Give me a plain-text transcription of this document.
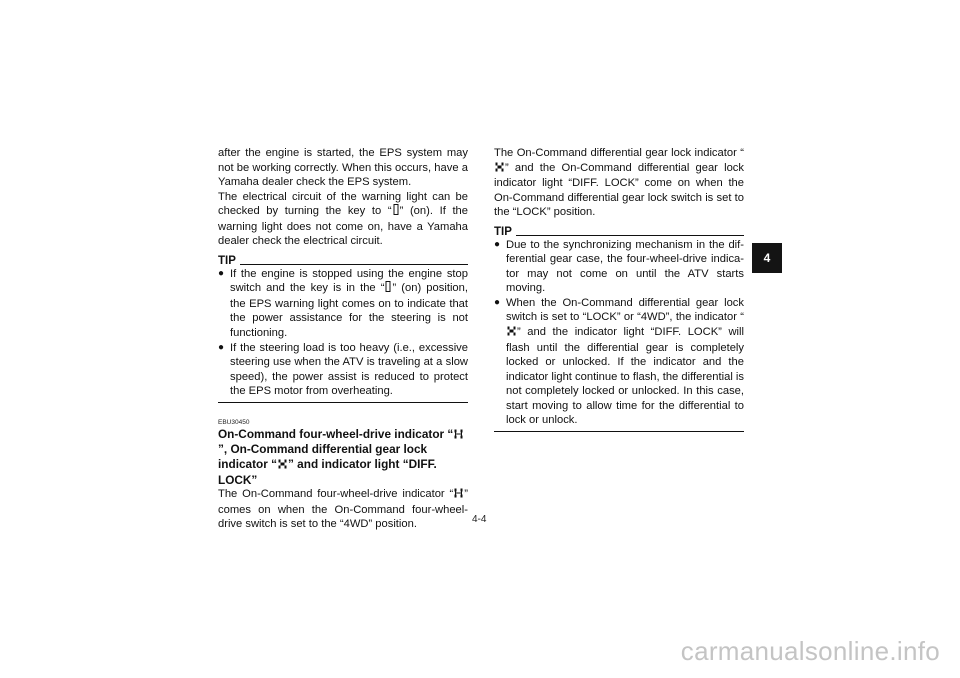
after the engine is started, the EPS system may not be working correctly. When this occurs, have a Yamaha dealer check the EPS system.

The electrical circuit of the warning light can be checked by turning the key to “ ” (on). If the warning light does not come on, have a Yamaha dealer check the electrical circuit.

TIP
● If the engine is stopped using the engine stop switch and the key is in the “ ” (on) position, the EPS warning light comes on to indicate that the power assistance for the steering is not functioning.
● If the steering load is too heavy (i.e., excessive steering use when the ATV is traveling at a slow speed), the power assist is reduced to protect the EPS motor from overheating.
EBU30450
On-Command four-wheel-drive indicator “”, On-Command differential gear lock indicator “ ” and indicator light “DIFF. LOCK”

The On-Command four-wheel-drive indicator “ ” comes on when the On-Command four-wheel-drive switch is set to the “4WD” position.

The On-Command differential gear lock indicator “” and the On-Command differential gear lock indicator light “DIFF. LOCK” come on when the On-Command differential gear lock switch is set to the “LOCK” position.

TIP
● Due to the synchronizing mechanism in the differential gear case, the four-wheel-drive indicator may not come on until the ATV starts moving.
● When the On-Command differential gear lock switch is set to “LOCK” or “4WD”, the indicator “” and the indicator light “DIFF. LOCK” will flash until the differential gear is completely locked or unlocked. If the indicator and the indicator light continue to flash, the differential is not completely locked or unlocked. In this case, start moving to allow time for the differential to lock or unlock.
4
4-4
carmanualsonline.info
